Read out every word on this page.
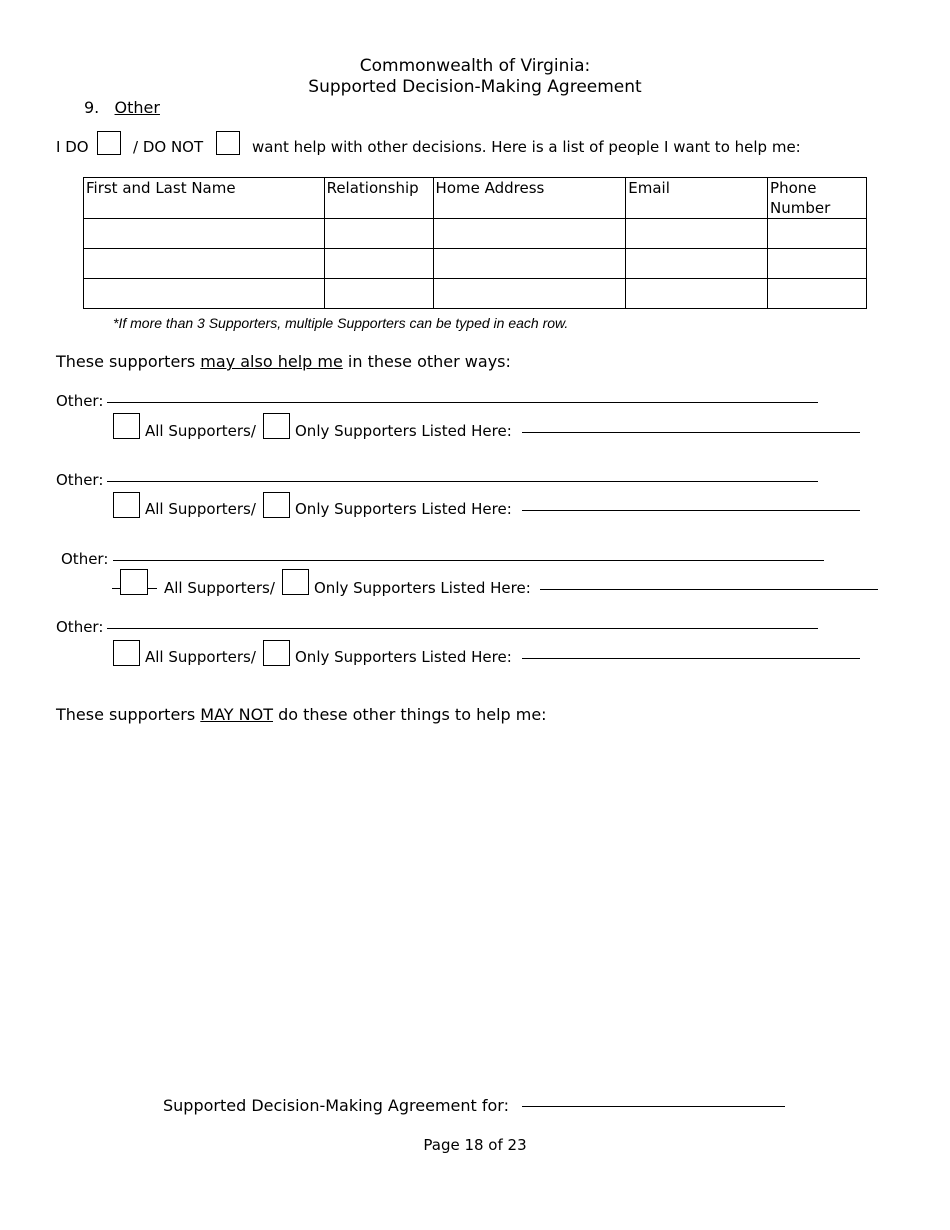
Commonwealth of Virginia:
Supported Decision-Making Agreement
9. Other
I DO	/ DO NOT	want help with other decisions. Here is a list of people I want to help me:
First and Last Name	Relationship	Home Address	Email	Phone Number

*If more than 3 Supporters, multiple Supporters can be typed in each row.
These supporters may also help me in these other ways:
Other:
All Supporters/	Only Supporters Listed Here:
Other:
All Supporters/	Only Supporters Listed Here:
Other:
All Supporters/	Only Supporters Listed Here:
Other:
All Supporters/	Only Supporters Listed Here:
These supporters MAY NOT do these other things to help me:
Supported Decision-Making Agreement for:
Page 18 of 23
